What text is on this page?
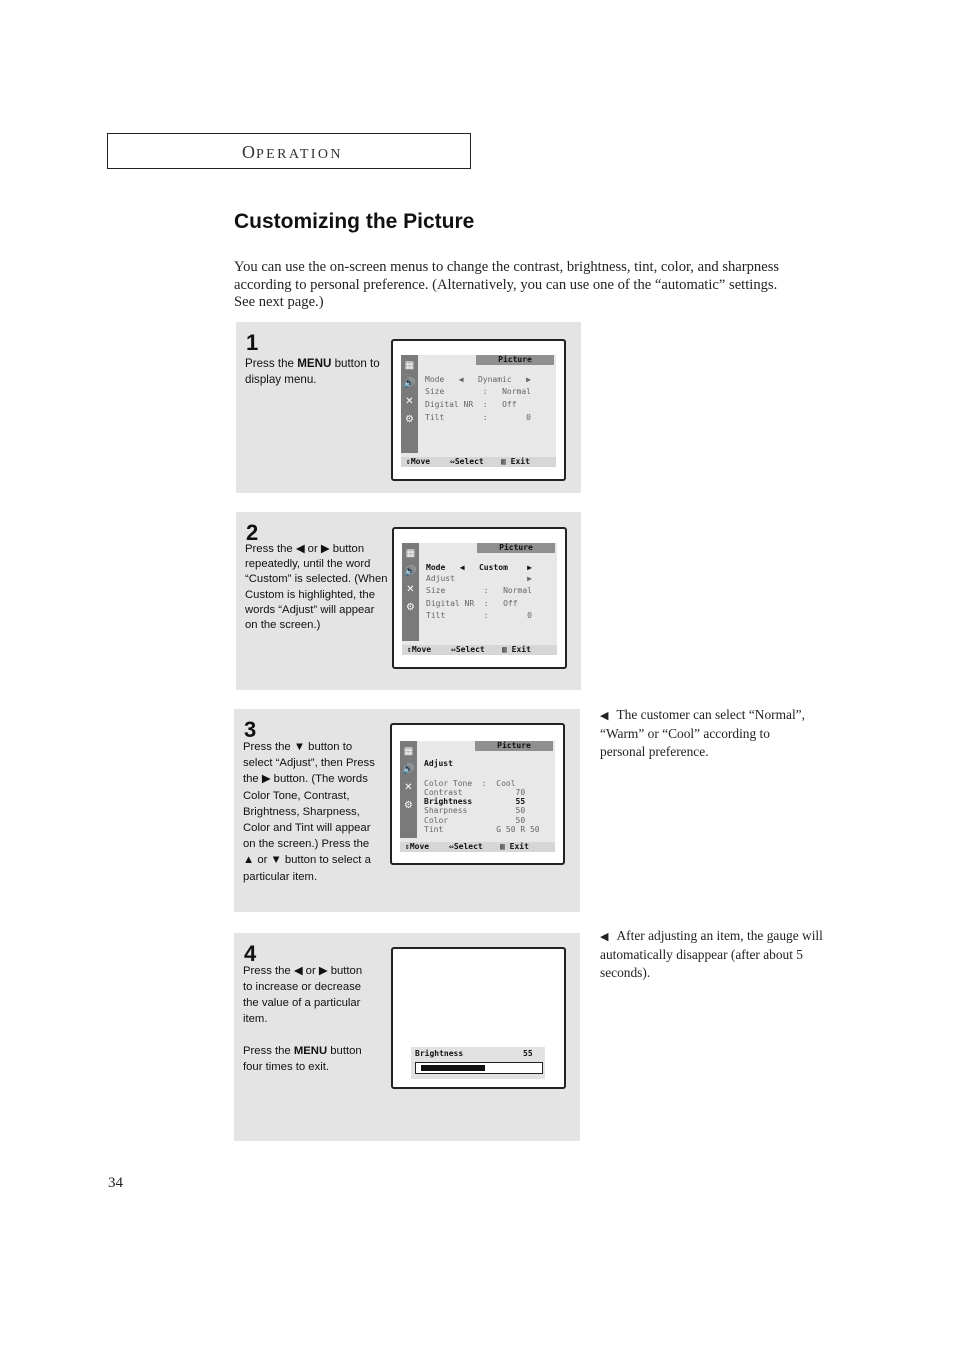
OPERATION
Customizing the Picture
You can use the on-screen menus to change the contrast, brightness, tint, color, and sharpness according to personal preference. (Alternatively, you can use one of the “automatic” settings. See next page.)
1
Press the MENU button to display menu.
▦
🔊
✕
⚙
Picture
Mode   ◀   Dynamic   ▶
Size        :   Normal
Digital NR  :   Off
Tilt        :        0
⇕Move ⇔Select ▥ Exit
2
Press the ◀ or ▶ button repeatedly, until the word “Custom” is selected. (When Custom is highlighted, the words “Adjust” will appear on the screen.)
▦
🔊
✕
⚙
Picture
Mode   ◀   Custom    ▶
Adjust               ▶
Size        :   Normal
Digital NR  :   Off
Tilt        :        0
⇕Move ⇔Select ▥ Exit
3
Press the ▼ button to select “Adjust”, then Press the ▶ button. (The words Color Tone, Contrast, Brightness, Sharpness, Color and Tint will appear on the screen.) Press the ▲ or ▼ button to select a particular item.
▦
🔊
✕
⚙
Picture
Adjust
Color Tone  :  Cool
Contrast           70
Brightness         55
Sharpness          50
Color              50
Tint           G 50 R 50
⇕Move ⇔Select ▥ Exit
4
Press the ◀ or ▶ button to increase or decrease the value of a particular item.
Press the MENU button four times to exit.
Brightness	55
◀ The customer can select “Normal”, “Warm” or “Cool” according to personal preference.
◀ After adjusting an item, the gauge will automatically disappear (after about 5 seconds).
34
